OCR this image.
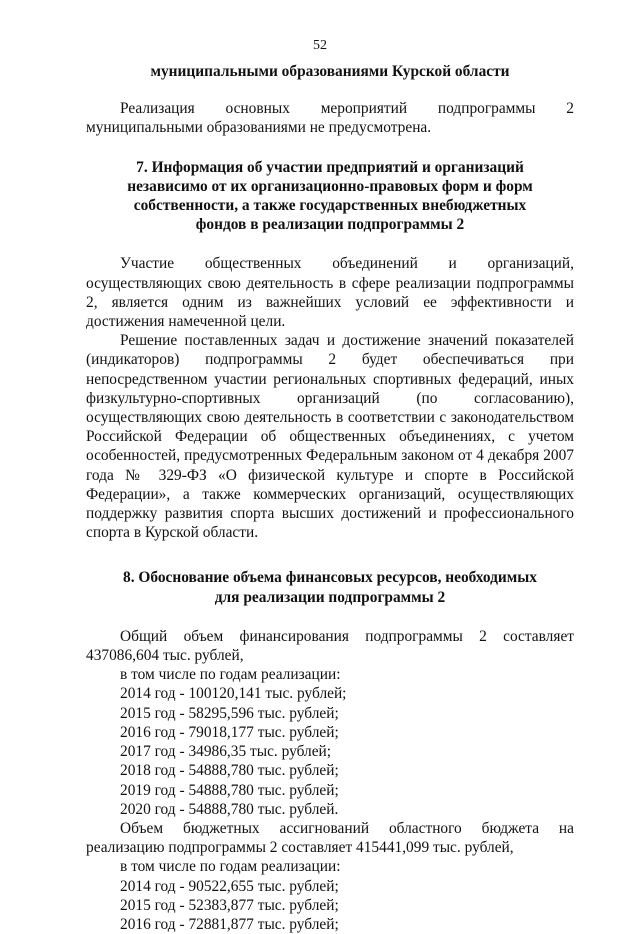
52

муниципальными образованиями Курской области

Реализация основных мероприятий подпрограммы 2 муниципальными образованиями не предусмотрена.

7. Информация об участии предприятий и организаций

независимо от их организационно-правовых форм и форм

собственности, а также государственных внебюджетных

фондов в реализации подпрограммы 2

Участие общественных объединений и организаций, осуществляющих свою деятельность в сфере реализации подпрограммы 2, является одним из важнейших условий ее эффективности и достижения намеченной цели.

Решение поставленных задач и достижение значений показателей (индикаторов) подпрограммы 2 будет обеспечиваться при непосредственном участии региональных спортивных федераций, иных физкультурно-спортивных организаций (по согласованию), осуществляющих свою деятельность в соответствии с законодательством Российской Федерации об общественных объединениях, с учетом особенностей, предусмотренных Федеральным законом от 4 декабря 2007 года № 329-ФЗ «О физической культуре и спорте в Российской Федерации», а также коммерческих организаций, осуществляющих поддержку развития спорта высших достижений и профессионального спорта в Курской области.

8. Обоснование объема финансовых ресурсов, необходимых

для реализации подпрограммы 2

Общий объем финансирования подпрограммы 2 составляет 437086,604 тыс. рублей,

в том числе по годам реализации:

2014 год - 100120,141 тыс. рублей;

2015 год - 58295,596 тыс. рублей;

2016 год - 79018,177 тыс. рублей;

2017 год - 34986,35 тыс. рублей;

2018 год - 54888,780 тыс. рублей;

2019 год - 54888,780 тыс. рублей;

2020 год - 54888,780 тыс. рублей.

Объем бюджетных ассигнований областного бюджета на реализацию подпрограммы 2 составляет 415441,099 тыс. рублей,

в том числе по годам реализации:

2014 год - 90522,655 тыс. рублей;

2015 год - 52383,877 тыс. рублей;

2016 год - 72881,877 тыс. рублей;
